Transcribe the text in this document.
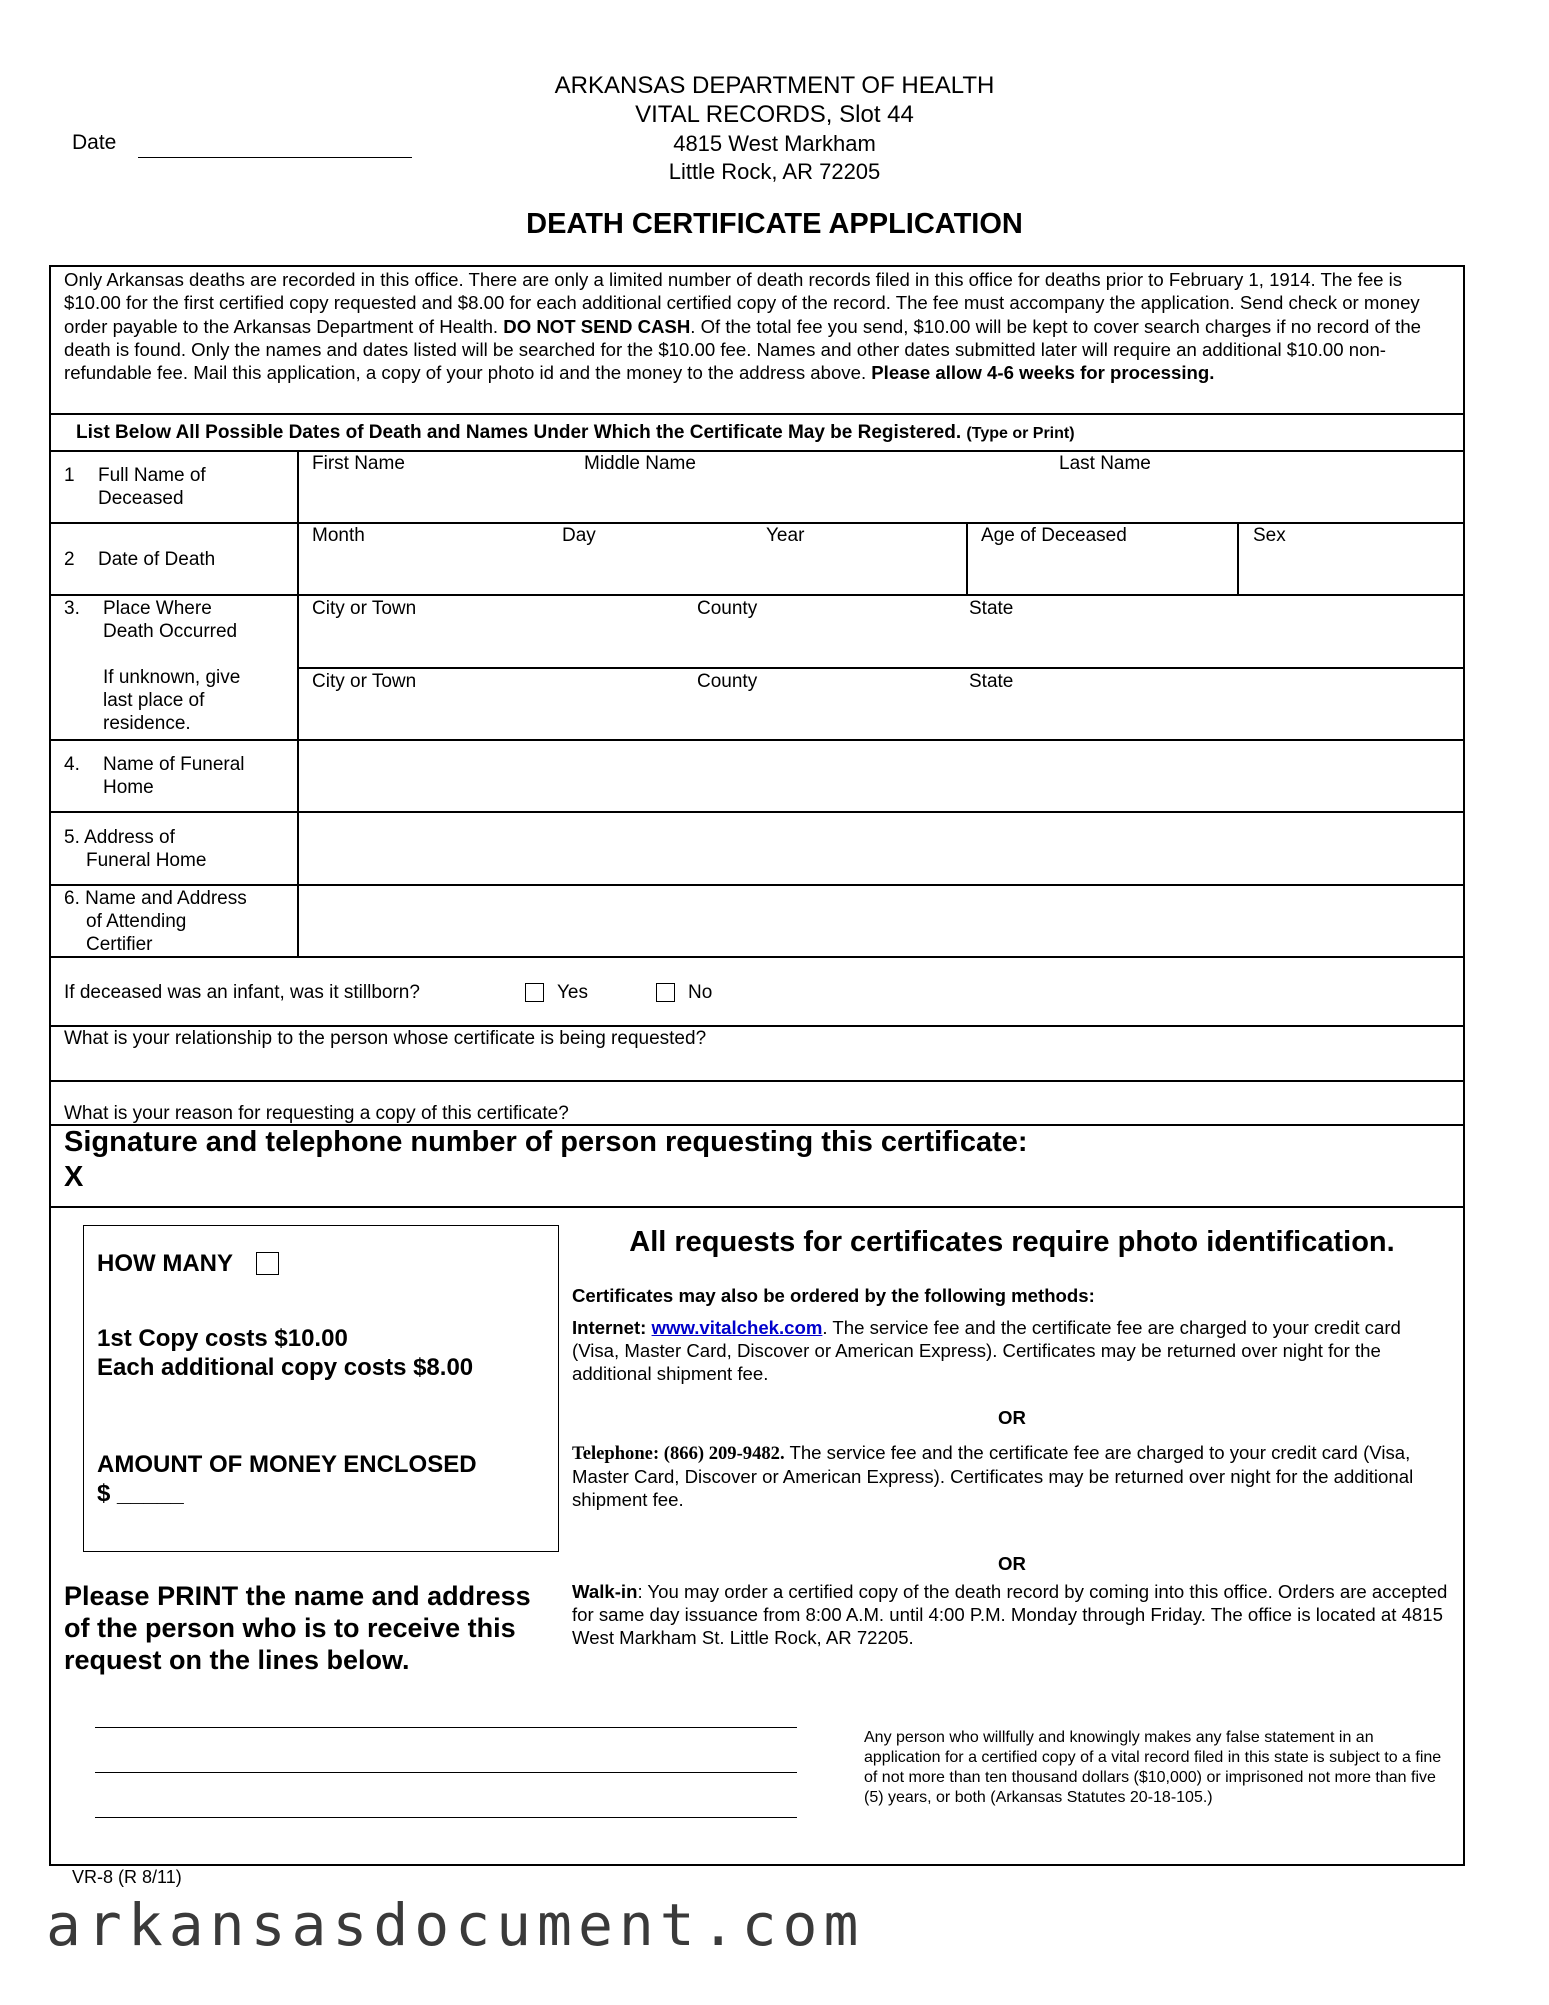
Date
ARKANSAS DEPARTMENT OF HEALTH
VITAL RECORDS, Slot 44
4815 West Markham
Little Rock, AR 72205
DEATH CERTIFICATE APPLICATION
Only Arkansas deaths are recorded in this office. There are only a limited number of death records filed in this office for deaths prior to February 1, 1914. The fee is $10.00 for the first certified copy requested and $8.00 for each additional certified copy of the record. The fee must accompany the application. Send check or money order payable to the Arkansas Department of Health. DO NOT SEND CASH. Of the total fee you send, $10.00 will be kept to cover search charges if no record of the death is found. Only the names and dates listed will be searched for the $10.00 fee. Names and other dates submitted later will require an additional $10.00 non-refundable fee. Mail this application, a copy of your photo id and the money to the address above. Please allow 4-6 weeks for processing.
List Below All Possible Dates of Death and Names Under Which the Certificate May be Registered. (Type or Print)
1 Full Name of
Deceased
First Name	Middle Name	Last Name
2 Date of Death
Month	Day	Year	Age of Deceased	Sex
3. Place Where
Death Occurred
If unknown, give
last place of
residence.
City or Town	County	State
City or Town	County	State
4. Name of Funeral
Home
5. Address of
Funeral Home
6. Name and Address
of Attending
Certifier
If deceased was an infant, was it stillborn?	Yes	No
What is your relationship to the person whose certificate is being requested?
What is your reason for requesting a copy of this certificate?
Signature and telephone number of person requesting this certificate:
X
HOW MANY
1st Copy costs $10.00
Each additional copy costs $8.00
AMOUNT OF MONEY ENCLOSED
$ _____
Please PRINT the name and address
of the person who is to receive this
request on the lines below.
All requests for certificates require photo identification.
Certificates may also be ordered by the following methods:
Internet: www.vitalchek.com. The service fee and the certificate fee are charged to your credit card (Visa, Master Card, Discover or American Express). Certificates may be returned over night for the additional shipment fee.
OR
Telephone: (866) 209-9482. The service fee and the certificate fee are charged to your credit card (Visa, Master Card, Discover or American Express). Certificates may be returned over night for the additional shipment fee.
OR
Walk-in: You may order a certified copy of the death record by coming into this office. Orders are accepted for same day issuance from 8:00 A.M. until 4:00 P.M. Monday through Friday. The office is located at 4815 West Markham St. Little Rock, AR 72205.
Any person who willfully and knowingly makes any false statement in an application for a certified copy of a vital record filed in this state is subject to a fine of not more than ten thousand dollars ($10,000) or imprisoned not more than five (5) years, or both (Arkansas Statutes 20-18-105.)
VR-8 (R 8/11)
arkansasdocument.com
